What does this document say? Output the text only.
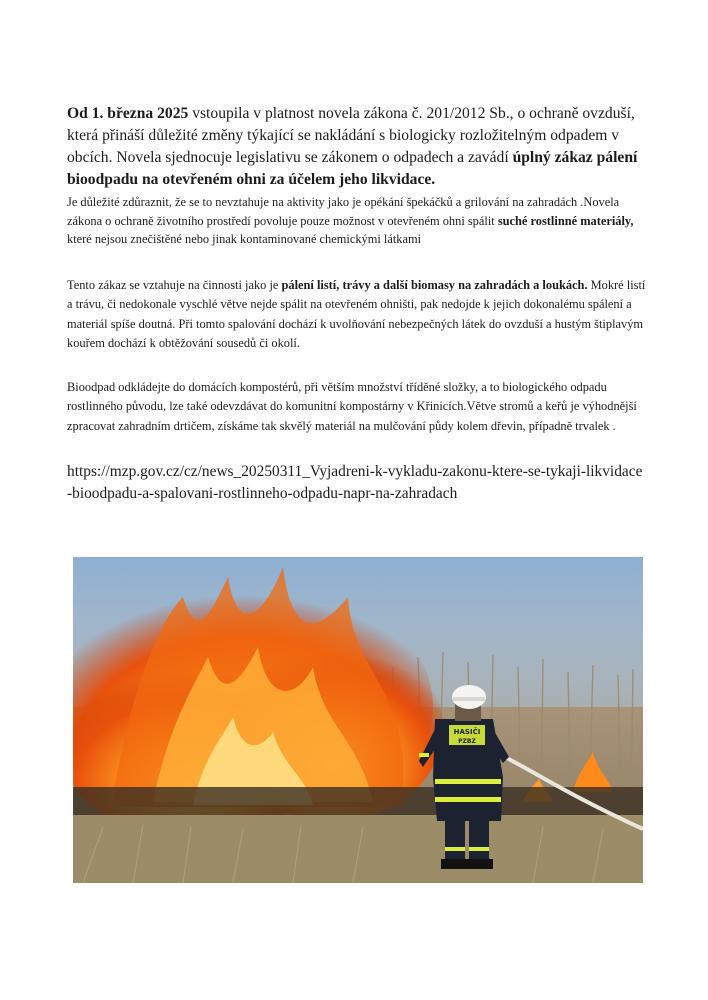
Od 1. března 2025 vstoupila v platnost novela zákona č. 201/2012 Sb., o ochraně ovzduší, která přináší důležité změny týkající se nakládání s biologicky rozložitelným odpadem v obcích. Novela sjednocuje legislativu se zákonem o odpadech a zavádí úplný zákaz pálení bioodpadu na otevřeném ohni za účelem jeho likvidace.

Je důležité zdůraznit, že se to nevztahuje na aktivity jako je opékání špekáčků a grilování na zahradách .Novela zákona o ochraně životního prostředí povoluje pouze možnost v otevřeném ohni spálit suché rostlinné materiály, které nejsou znečištěné nebo jinak kontaminované chemickými látkami

Tento zákaz se vztahuje na činnosti jako je pálení listí, trávy a další biomasy na zahradách a loukách. Mokré listí a trávu, či nedokonale vyschlé větve nejde spálit na otevřeném ohništi, pak nedojde k jejich dokonalému spálení a materiál spíše doutná. Při tomto spalování dochází k uvolňování nebezpečných látek do ovzduší a hustým štiplavým kouřem dochází k obtěžování sousedů či okolí.

Bioodpad odkládejte do domácích kompostérů, při větším množství tříděné složky, a to biologického odpadu rostlinného původu, lze také odevzdávat do komunitní kompostárny v Křinicích.Větve stromů a keřů je výhodnější zpracovat zahradním drtičem, získáme tak skvělý materiál na mulčování půdy kolem dřevin, případně trvalek .

https://mzp.gov.cz/cz/news_20250311_Vyjadreni-k-vykladu-zakonu-ktere-se-tykaji-likvidace-bioodpadu-a-spalovani-rostlinneho-odpadu-napr-na-zahradach

HASIČI
PZBZ
